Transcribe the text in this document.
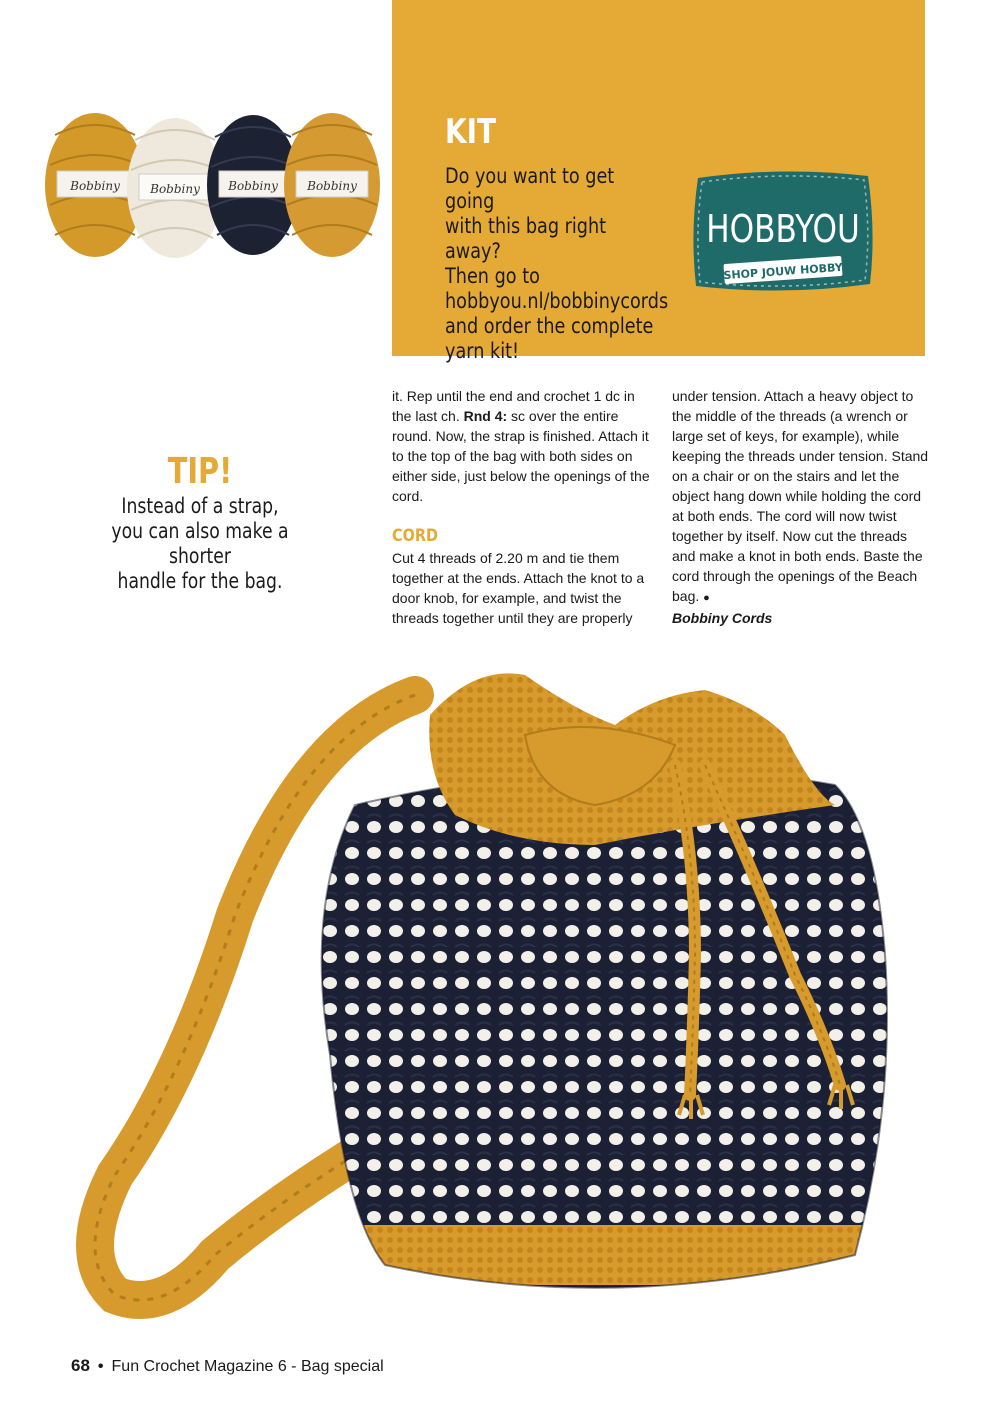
Bobbiny	Bobbiny Bobbiny Bobbiny
KIT

Do you want to get going
with this bag right away?
Then go to
hobbyou.nl/bobbinycords
and order the complete
yarn kit!

HOBBYOU
SHOP JOUW HOBBY
TIP!

Instead of a strap,
you can also make a shorter
handle for the bag.

it. Rep until the end and crochet 1 dc in the last ch. Rnd 4: sc over the entire round. Now, the strap is finished. Attach it to the top of the bag with both sides on either side, just below the openings of the cord.

CORD

Cut 4 threads of 2.20 m and tie them together at the ends. Attach the knot to a door knob, for example, and twist the threads together until they are properly

under tension. Attach a heavy object to the middle of the threads (a wrench or large set of keys, for example), while keeping the threads under tension. Stand on a chair or on the stairs and let the object hang down while holding the cord at both ends. The cord will now twist together by itself. Now cut the threads and make a knot in both ends. Baste the cord through the openings of the Beach bag. ●

Bobbiny Cords

68 • Fun Crochet Magazine 6 - Bag special
